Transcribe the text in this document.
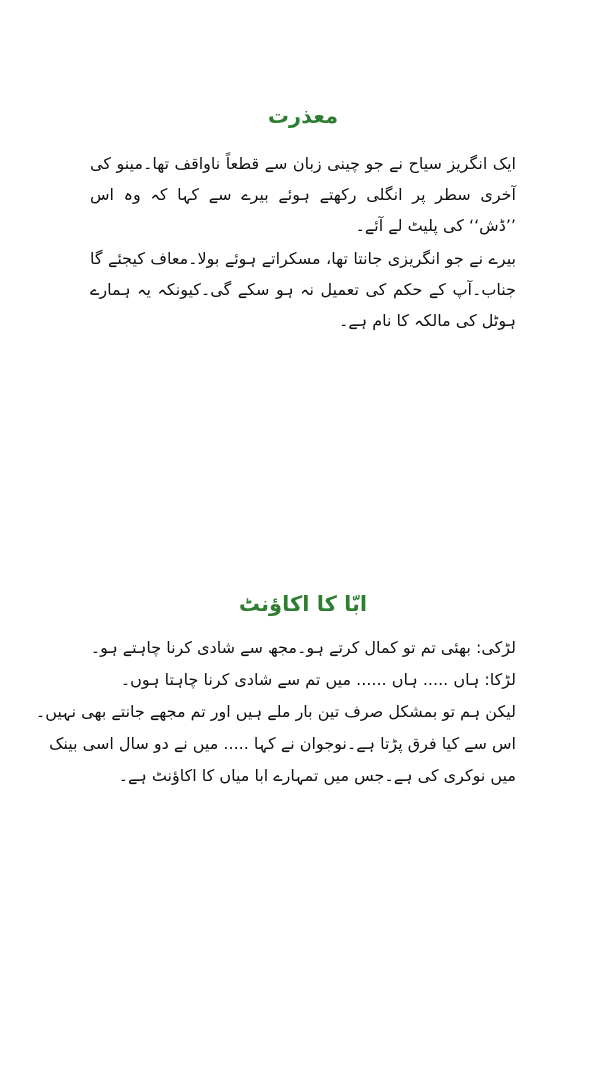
معذرت

ایک انگریز سیاح نے جو چینی زبان سے قطعاً ناواقف تھا۔مینو کی آخری سطر پر انگلی رکھتے ہوئے بیرے سے کہا کہ وہ اس ’’ڈش‘‘ کی پلیٹ لے آئے۔

بیرے نے جو انگریزی جانتا تھا، مسکراتے ہوئے بولا۔معاف کیجئے گا جناب۔آپ کے حکم کی تعمیل نہ ہو سکے گی۔کیونکہ یہ ہمارے ہوٹل کی مالکہ کا نام ہے۔

ابّا کا اکاؤنٹ
لڑکی: بھئی تم تو کمال کرتے ہو۔مجھ سے شادی کرنا چاہتے ہو۔
لڑکا: ہاں ..... ہاں ...... میں تم سے شادی کرنا چاہتا ہوں۔
لیکن ہم تو بمشکل صرف تین بار ملے ہیں اور تم مجھے جانتے بھی نہیں۔
اس سے کیا فرق پڑتا ہے۔نوجوان نے کہا ..... میں نے دو سال اسی بینک
میں نوکری کی ہے۔جس میں تمہارے ابا میاں کا اکاؤنٹ ہے۔
